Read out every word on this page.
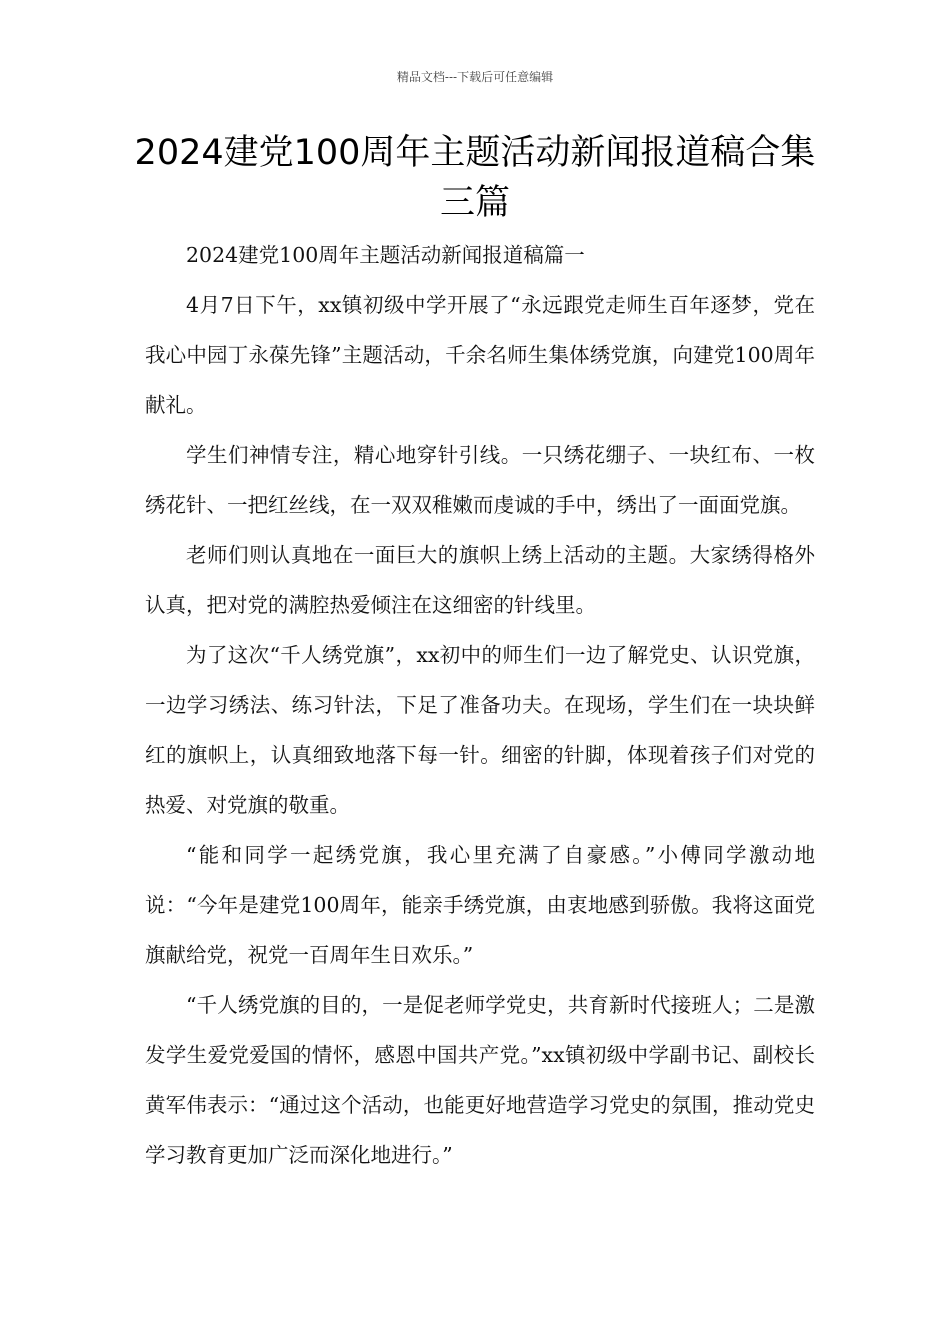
精品文档---下载后可任意编辑
2024建党100周年主题活动新闻报道稿合集三篇

2024建党100周年主题活动新闻报道稿篇一

4月7日下午，xx镇初级中学开展了“永远跟党走师生百年逐梦，党在我心中园丁永葆先锋”主题活动，千余名师生集体绣党旗，向建党100周年献礼。

学生们神情专注，精心地穿针引线。一只绣花绷子、一块红布、一枚绣花针、一把红丝线，在一双双稚嫩而虔诚的手中，绣出了一面面党旗。

老师们则认真地在一面巨大的旗帜上绣上活动的主题。大家绣得格外认真，把对党的满腔热爱倾注在这细密的针线里。

为了这次“千人绣党旗”，xx初中的师生们一边了解党史、认识党旗，一边学习绣法、练习针法，下足了准备功夫。在现场，学生们在一块块鲜红的旗帜上，认真细致地落下每一针。细密的针脚，体现着孩子们对党的热爱、对党旗的敬重。

“能和同学一起绣党旗，我心里充满了自豪感。”小傅同学激动地说：“今年是建党100周年，能亲手绣党旗，由衷地感到骄傲。我将这面党旗献给党，祝党一百周年生日欢乐。”

“千人绣党旗的目的，一是促老师学党史，共育新时代接班人；二是激发学生爱党爱国的情怀，感恩中国共产党。”xx镇初级中学副书记、副校长黄军伟表示：“通过这个活动，也能更好地营造学习党史的氛围，推动党史学习教育更加广泛而深化地进行。”
